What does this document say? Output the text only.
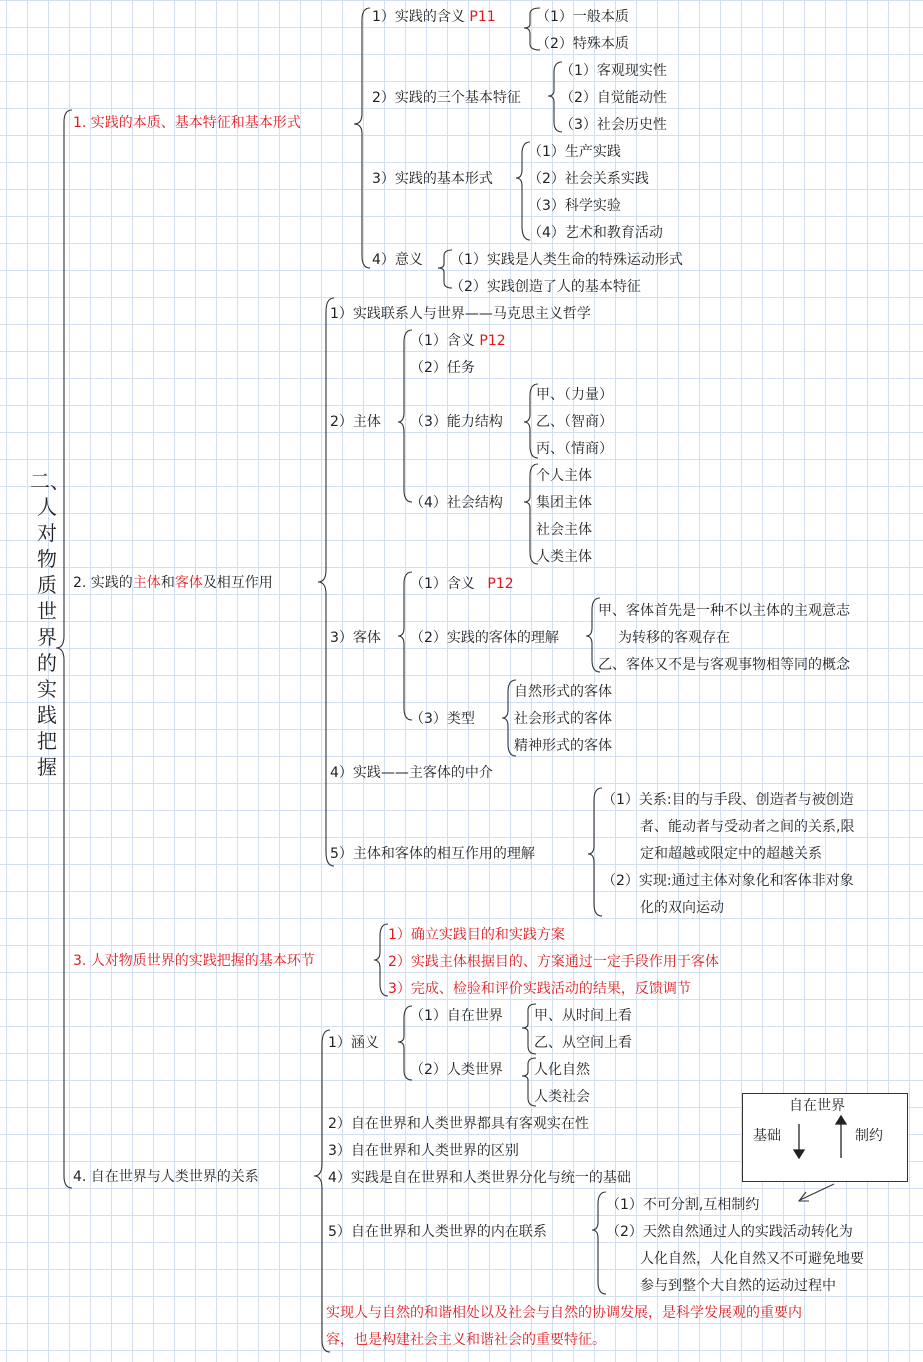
二、人对物质世界的实践把握
1. 实践的本质、基本特征和基本形式
1）实践的含义 P11	（1）一般本质
（2）特殊本质
2）实践的三个基本特征
（1）客观现实性
（2）自觉能动性
（3）社会历史性
3）实践的基本形式
（1）生产实践
（2）社会关系实践
（3）科学实验
（4）艺术和教育活动
4）意义 （1）实践是人类生命的特殊运动形式
（2）实践创造了人的基本特征
2. 实践的主体和客体及相互作用
1）实践联系人与世界——马克思主义哲学
2）主体
（1）含义 P12
（2）任务
（3）能力结构
甲、（力量）
乙、（智商）
丙、（情商）
（4）社会结构
个人主体
集团主体
社会主体
人类主体
3）客体
（1）含义 P12
（2）实践的客体的理解
甲、客体首先是一种不以主体的主观意志
为转移的客观存在
乙、客体又不是与客观事物相等同的概念
（3）类型
自然形式的客体
社会形式的客体
精神形式的客体
4）实践——主客体的中介
5）主体和客体的相互作用的理解
（1）关系:目的与手段、创造者与被创造
者、能动者与受动者之间的关系,限
定和超越或限定中的超越关系
（2）实现:通过主体对象化和客体非对象
化的双向运动
3. 人对物质世界的实践把握的基本环节
1）确立实践目的和实践方案
2）实践主体根据目的、方案通过一定手段作用于客体
3）完成、检验和评价实践活动的结果，反馈调节
4. 自在世界与人类世界的关系
1）涵义
（1）自在世界 甲、从时间上看
乙、从空间上看
（2）人类世界 人化自然
人类社会
2）自在世界和人类世界都具有客观实在性
3）自在世界和人类世界的区别
4）实践是自在世界和人类世界分化与统一的基础
5）自在世界和人类世界的内在联系
（1）不可分割,互相制约
（2）天然自然通过人的实践活动转化为
人化自然，人化自然又不可避免地要
参与到整个大自然的运动过程中
实现人与自然的和谐相处以及社会与自然的协调发展，是科学发展观的重要内
容，也是构建社会主义和谐社会的重要特征。
自在世界
基础	制约
